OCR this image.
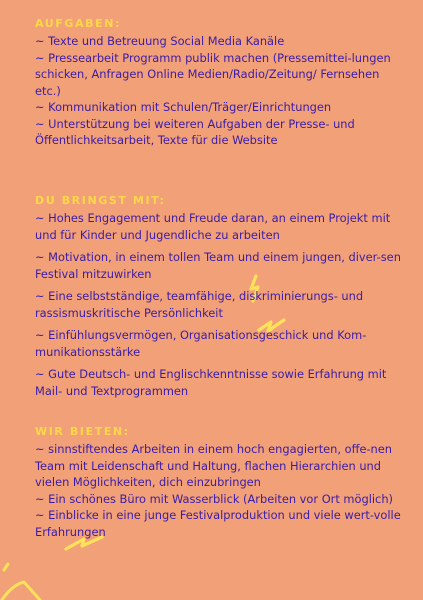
AUFGABEN:

~ Texte und Betreuung Social Media Kanäle

~ Pressearbeit Programm publik machen (Pressemittei-lungen schicken, Anfragen Online Medien/Radio/Zeitung/ Fernsehen etc.)

~ Kommunikation mit Schulen/Träger/Einrichtungen

~ Unterstützung bei weiteren Aufgaben der Presse- und Öffentlichkeitsarbeit, Texte für die Website

DU BRINGST MIT:

~ Hohes Engagement und Freude daran, an einem Projekt mit und für Kinder und Jugendliche zu arbeiten

~ Motivation, in einem tollen Team und einem jungen, diver-sen Festival mitzuwirken

~ Eine selbstständige, teamfähige, diskriminierungs- und rassismuskritische Persönlichkeit

~ Einfühlungsvermögen, Organisationsgeschick und Kom-munikationsstärke

~ Gute Deutsch- und Englischkenntnisse sowie Erfahrung mit Mail- und Textprogrammen

WIR BIETEN:

~ sinnstiftendes Arbeiten in einem hoch engagierten, offe-nen Team mit Leidenschaft und Haltung, flachen Hierarchien und vielen Möglichkeiten, dich einzubringen

~ Ein schönes Büro mit Wasserblick (Arbeiten vor Ort möglich)

~ Einblicke in eine junge Festivalproduktion und viele wert-volle Erfahrungen
